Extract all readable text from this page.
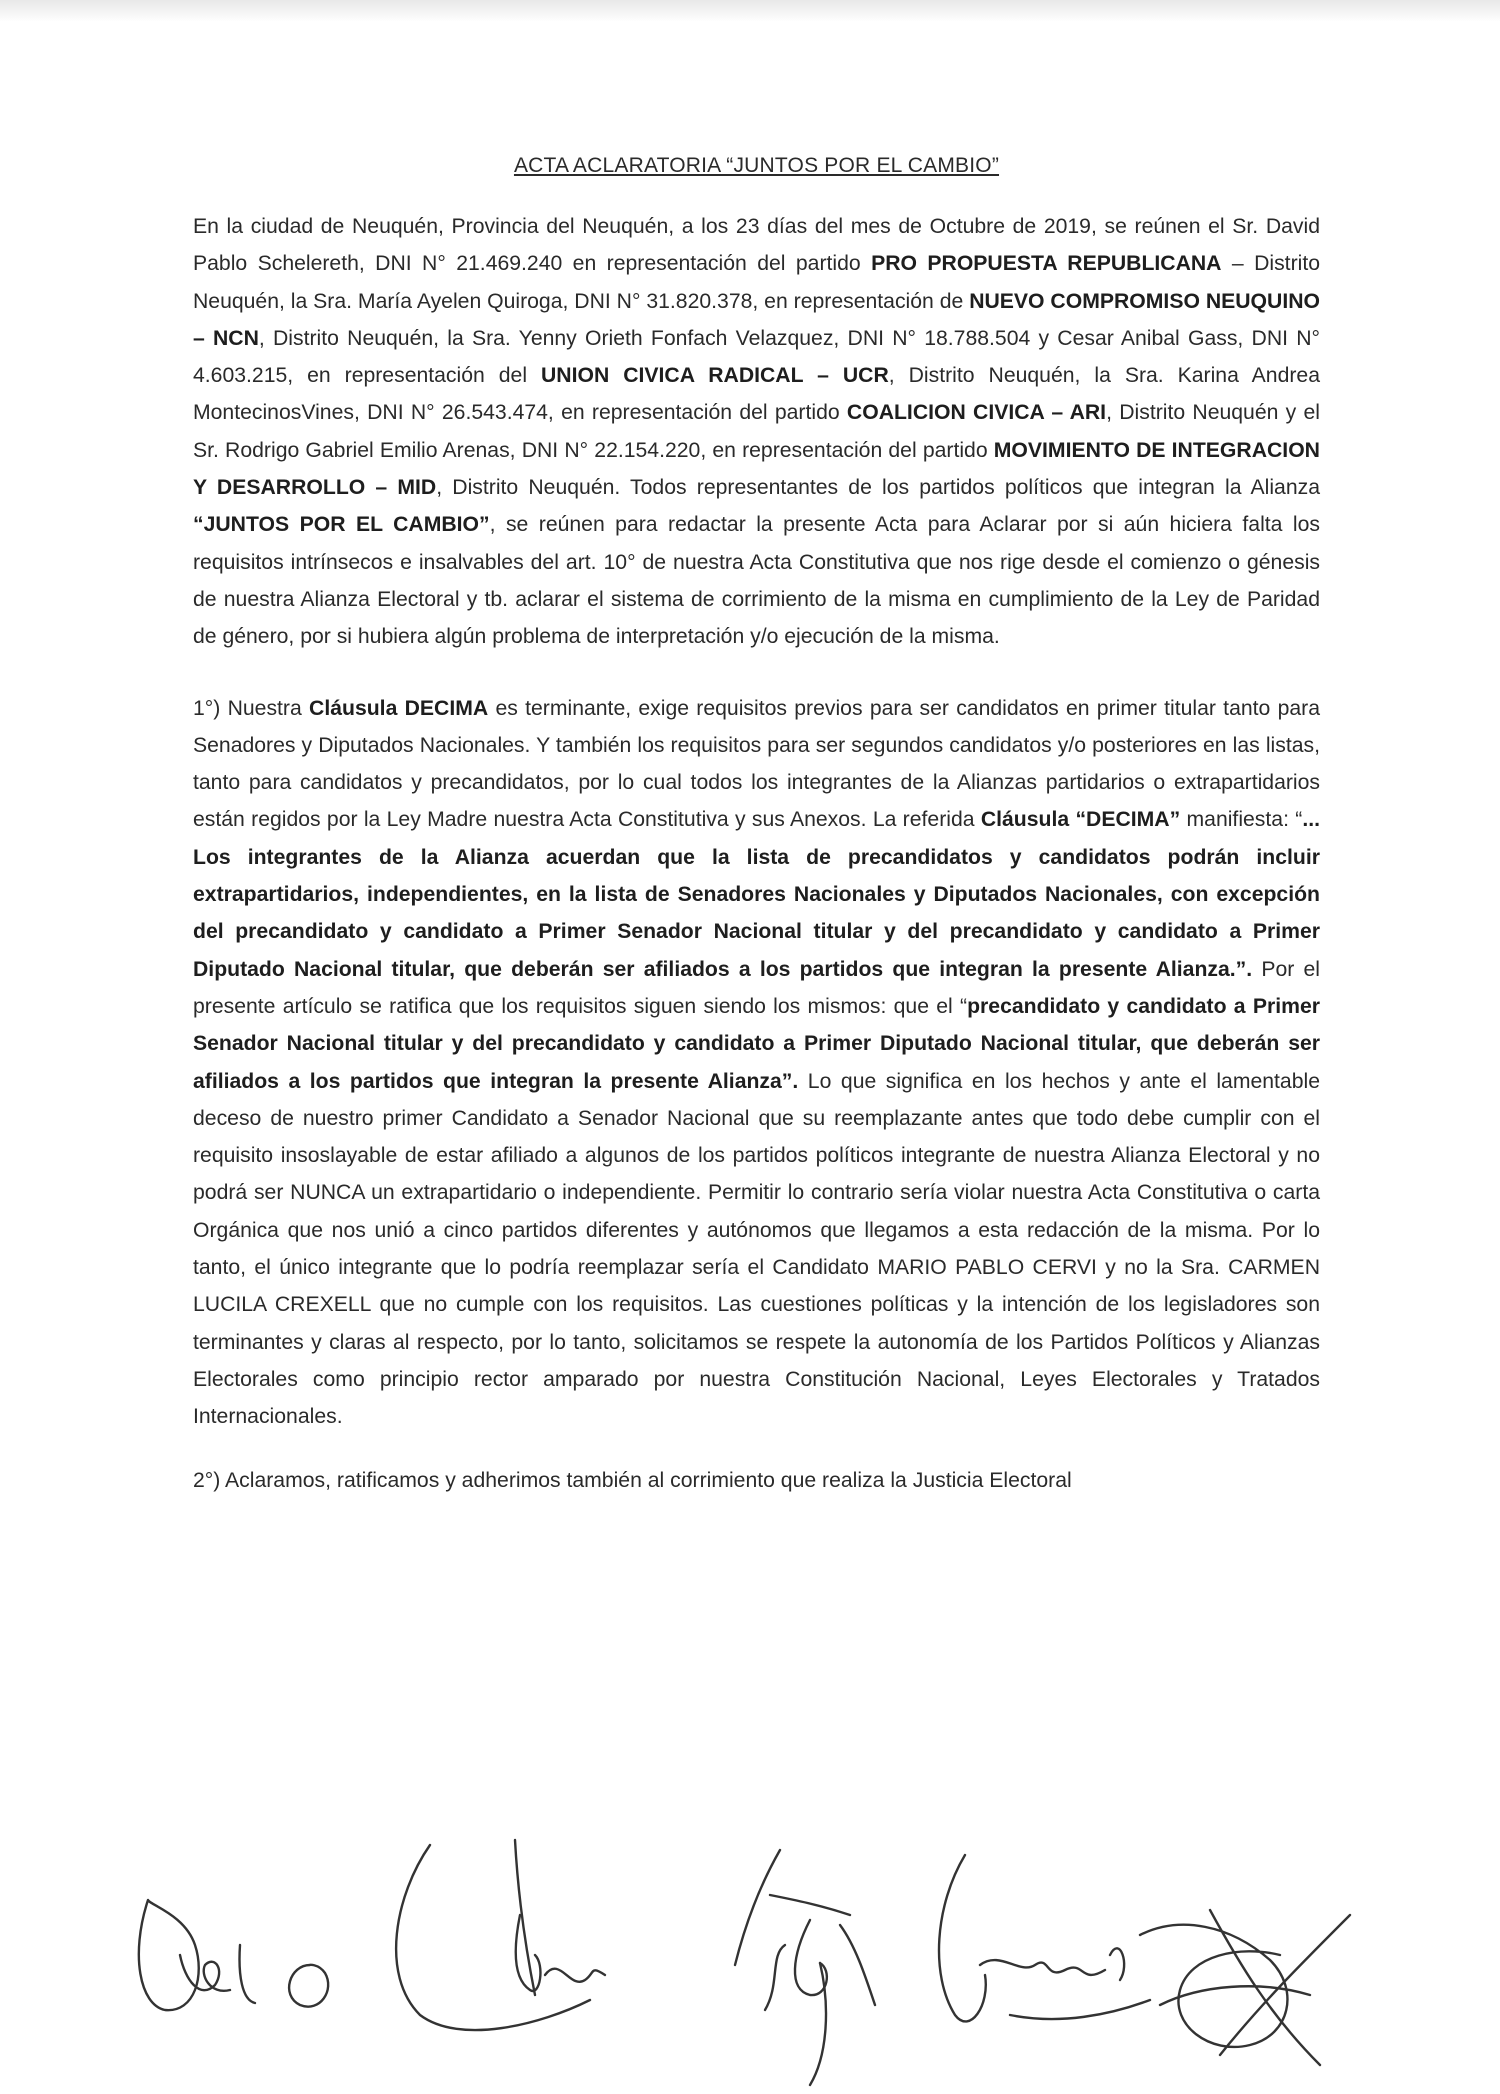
ACTA ACLARATORIA “JUNTOS POR EL CAMBIO”

En la ciudad de Neuquén, Provincia del Neuquén, a los 23 días del mes de Octubre de 2019, se reúnen el Sr. David Pablo Schelereth, DNI N° 21.469.240 en representación del partido PRO PROPUESTA REPUBLICANA – Distrito Neuquén, la Sra. María Ayelen Quiroga, DNI N° 31.820.378, en representación de NUEVO COMPROMISO NEUQUINO – NCN, Distrito Neuquén, la Sra. Yenny Orieth Fonfach Velazquez, DNI N° 18.788.504 y Cesar Anibal Gass, DNI N° 4.603.215, en representación del UNION CIVICA RADICAL – UCR, Distrito Neuquén, la Sra. Karina Andrea MontecinosVines, DNI N° 26.543.474, en representación del partido COALICION CIVICA – ARI, Distrito Neuquén y el Sr. Rodrigo Gabriel Emilio Arenas, DNI N° 22.154.220, en representación del partido MOVIMIENTO DE INTEGRACION Y DESARROLLO – MID, Distrito Neuquén. Todos representantes de los partidos políticos que integran la Alianza “JUNTOS POR EL CAMBIO”, se reúnen para redactar la presente Acta para Aclarar por si aún hiciera falta los requisitos intrínsecos e insalvables del art. 10° de nuestra Acta Constitutiva que nos rige desde el comienzo o génesis de nuestra Alianza Electoral y tb. aclarar el sistema de corrimiento de la misma en cumplimiento de la Ley de Paridad de género, por si hubiera algún problema de interpretación y/o ejecución de la misma.

1°) Nuestra Cláusula DECIMA es terminante, exige requisitos previos para ser candidatos en primer titular tanto para Senadores y Diputados Nacionales. Y también los requisitos para ser segundos candidatos y/o posteriores en las listas, tanto para candidatos y precandidatos, por lo cual todos los integrantes de la Alianzas partidarios o extrapartidarios están regidos por la Ley Madre nuestra Acta Constitutiva y sus Anexos. La referida Cláusula “DECIMA” manifiesta: “... Los integrantes de la Alianza acuerdan que la lista de precandidatos y candidatos podrán incluir extrapartidarios, independientes, en la lista de Senadores Nacionales y Diputados Nacionales, con excepción del precandidato y candidato a Primer Senador Nacional titular y del precandidato y candidato a Primer Diputado Nacional titular, que deberán ser afiliados a los partidos que integran la presente Alianza.”. Por el presente artículo se ratifica que los requisitos siguen siendo los mismos: que el “precandidato y candidato a Primer Senador Nacional titular y del precandidato y candidato a Primer Diputado Nacional titular, que deberán ser afiliados a los partidos que integran la presente Alianza”. Lo que significa en los hechos y ante el lamentable deceso de nuestro primer Candidato a Senador Nacional que su reemplazante antes que todo debe cumplir con el requisito insoslayable de estar afiliado a algunos de los partidos políticos integrante de nuestra Alianza Electoral y no podrá ser NUNCA un extrapartidario o independiente. Permitir lo contrario sería violar nuestra Acta Constitutiva o carta Orgánica que nos unió a cinco partidos diferentes y autónomos que llegamos a esta redacción de la misma. Por lo tanto, el único integrante que lo podría reemplazar sería el Candidato MARIO PABLO CERVI y no la Sra. CARMEN LUCILA CREXELL que no cumple con los requisitos. Las cuestiones políticas y la intención de los legisladores son terminantes y claras al respecto, por lo tanto, solicitamos se respete la autonomía de los Partidos Políticos y Alianzas Electorales como principio rector amparado por nuestra Constitución Nacional, Leyes Electorales y Tratados Internacionales.

2°) Aclaramos, ratificamos y adherimos también al corrimiento que realiza la Justicia Electoral
